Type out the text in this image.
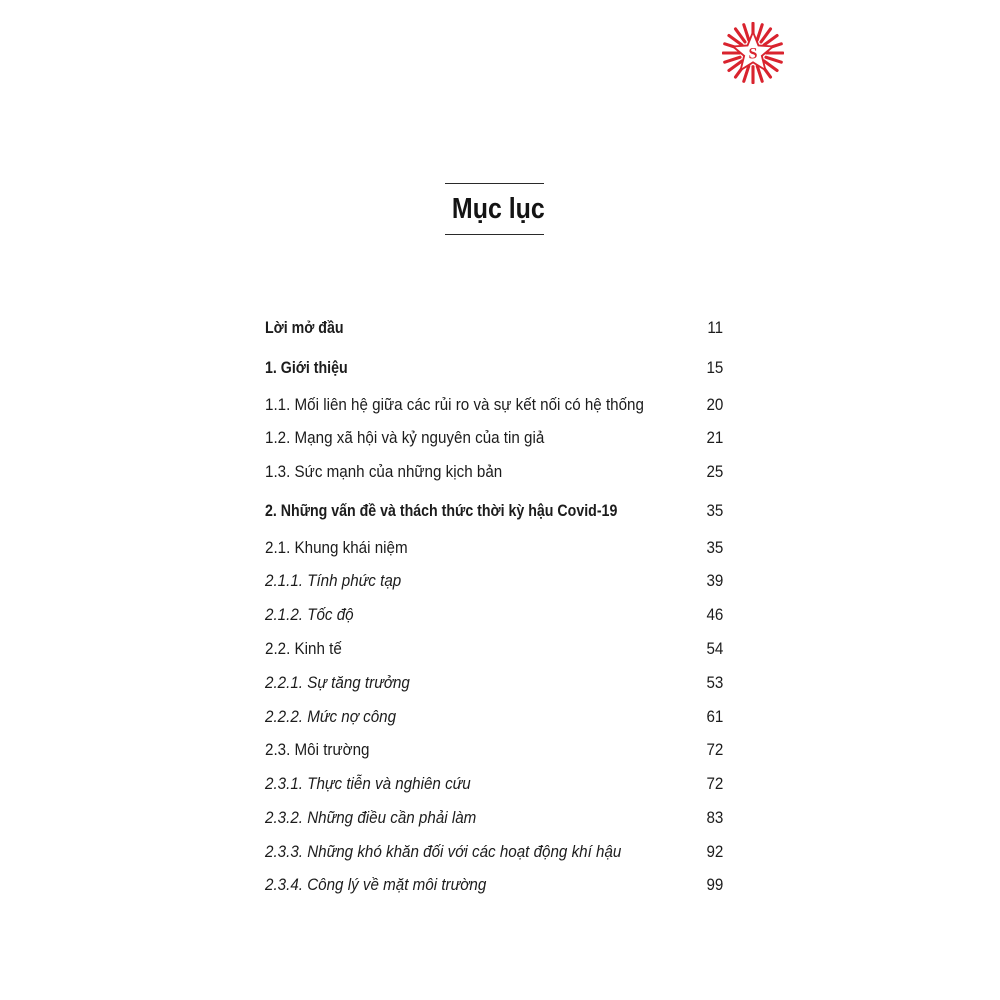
S
Mục lục
Lời mở đầu	11
1. Giới thiệu	15
1.1. Mối liên hệ giữa các rủi ro và sự kết nối có hệ thống	20
1.2. Mạng xã hội và kỷ nguyên của tin giả	21
1.3. Sức mạnh của những kịch bản	25
2. Những vấn đề và thách thức thời kỳ hậu Covid-19	35
2.1. Khung khái niệm	35
2.1.1. Tính phức tạp	39
2.1.2. Tốc độ	46
2.2. Kinh tế	54
2.2.1. Sự tăng trưởng	53
2.2.2. Mức nợ công	61
2.3. Môi trường	72
2.3.1. Thực tiễn và nghiên cứu	72
2.3.2. Những điều cần phải làm	83
2.3.3. Những khó khăn đối với các hoạt động khí hậu	92
2.3.4. Công lý về mặt môi trường	99
